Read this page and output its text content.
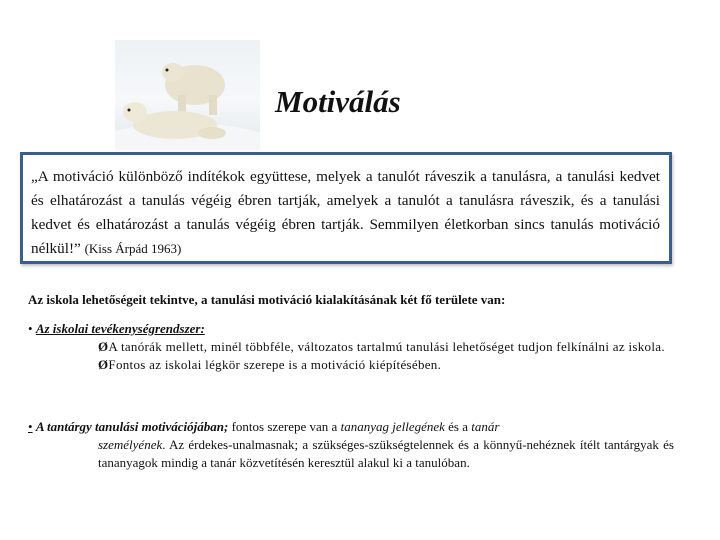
Motiválás
„A motiváció különböző indítékok együttese, melyek a tanulót ráveszik a tanulásra, a tanulási kedvet és elhatározást a tanulás végéig ébren tartják, amelyek a tanulót a tanulásra ráveszik, és a tanulási kedvet és elhatározást a tanulás végéig ébren tartják. Semmilyen életkorban sincs tanulás motiváció nélkül!” (Kiss Árpád 1963)
Az iskola lehetőségeit tekintve, a tanulási motiváció kialakításának két fő területe van:
• Az iskolai tevékenységrendszer:
ØA tanórák mellett, minél többféle, változatos tartalmú tanulási lehetőséget tudjon felkínálni az iskola.
ØFontos az iskolai légkör szerepe is a motiváció kiépítésében.
• A tantárgy tanulási motivációjában; fontos szerepe van a tananyag jellegének és a tanár
személyének. Az érdekes-unalmasnak; a szükséges-szükségtelennek és a könnyű-nehéznek ítélt tantárgyak és tananyagok mindig a tanár közvetítésén keresztül alakul ki a tanulóban.
